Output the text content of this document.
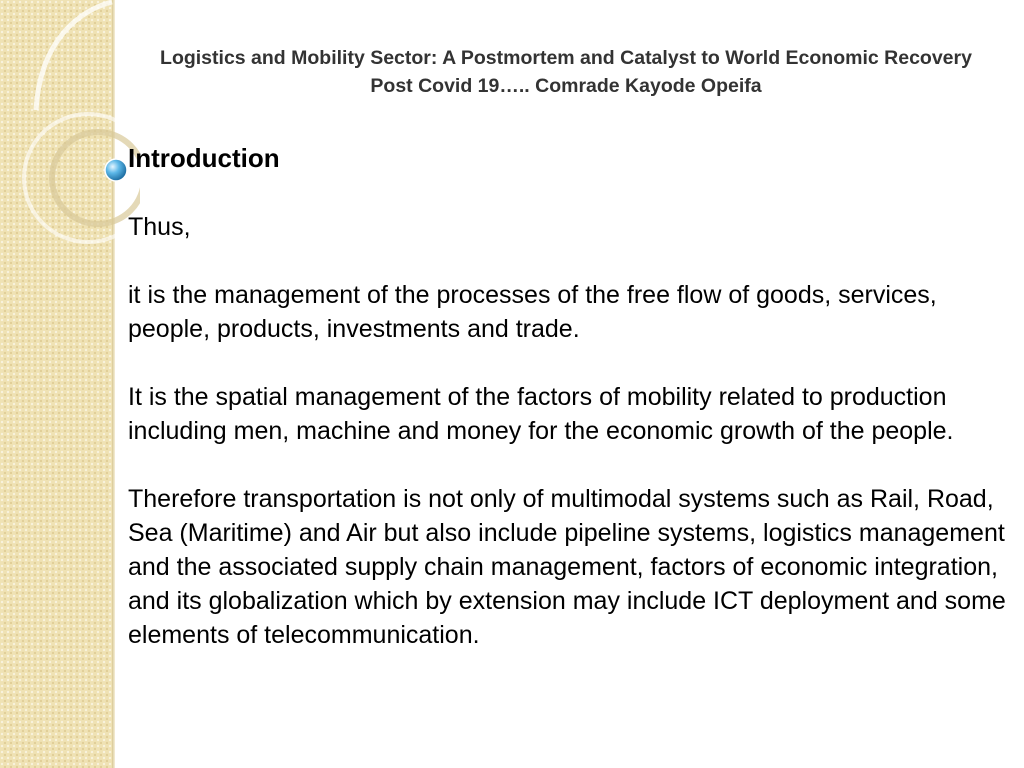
Logistics and Mobility Sector: A Postmortem and Catalyst to World Economic Recovery Post Covid 19….. Comrade Kayode Opeifa
Introduction

Thus,

it is the management of the processes of the free flow of goods, services, people, products, investments and trade.

It is the spatial management of the factors of mobility related to production including men, machine and money for the economic growth of the people.

Therefore transportation is not only of multimodal systems such as Rail, Road, Sea (Maritime) and Air but also include pipeline systems, logistics management and the associated supply chain management, factors of economic integration, and its globalization which by extension may include ICT deployment and some elements of telecommunication.
